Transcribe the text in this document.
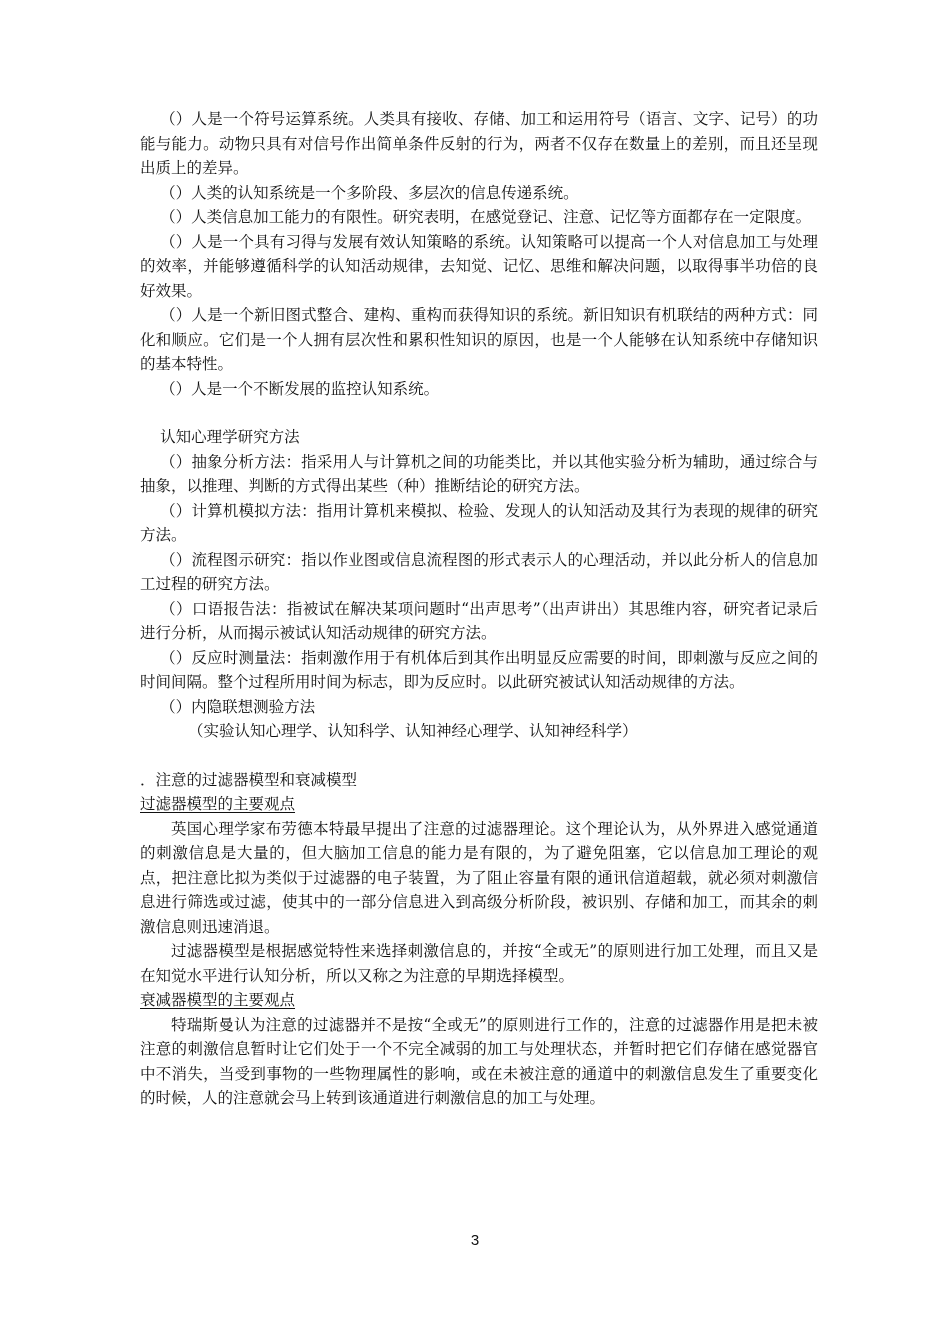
（）人是一个符号运算系统。人类具有接收、存储、加工和运用符号（语言、文字、记号）的功能与能力。动物只具有对信号作出简单条件反射的行为，两者不仅存在数量上的差别，而且还呈现出质上的差异。

（）人类的认知系统是一个多阶段、多层次的信息传递系统。

（）人类信息加工能力的有限性。研究表明，在感觉登记、注意、记忆等方面都存在一定限度。

（）人是一个具有习得与发展有效认知策略的系统。认知策略可以提高一个人对信息加工与处理的效率，并能够遵循科学的认知活动规律，去知觉、记忆、思维和解决问题，以取得事半功倍的良好效果。

（）人是一个新旧图式整合、建构、重构而获得知识的系统。新旧知识有机联结的两种方式：同化和顺应。它们是一个人拥有层次性和累积性知识的原因，也是一个人能够在认知系统中存储知识的基本特性。

（）人是一个不断发展的监控认知系统。

认知心理学研究方法

（）抽象分析方法：指采用人与计算机之间的功能类比，并以其他实验分析为辅助，通过综合与抽象，以推理、判断的方式得出某些（种）推断结论的研究方法。

（）计算机模拟方法：指用计算机来模拟、检验、发现人的认知活动及其行为表现的规律的研究方法。

（）流程图示研究：指以作业图或信息流程图的形式表示人的心理活动，并以此分析人的信息加工过程的研究方法。

（）口语报告法：指被试在解决某项问题时“出声思考”（出声讲出）其思维内容，研究者记录后进行分析，从而揭示被试认知活动规律的研究方法。

（）反应时测量法：指刺激作用于有机体后到其作出明显反应需要的时间，即刺激与反应之间的时间间隔。整个过程所用时间为标志，即为反应时。以此研究被试认知活动规律的方法。

（）内隐联想测验方法

（实验认知心理学、认知科学、认知神经心理学、认知神经科学）

．注意的过滤器模型和衰减模型

过滤器模型的主要观点

英国心理学家布劳德本特最早提出了注意的过滤器理论。这个理论认为，从外界进入感觉通道的刺激信息是大量的，但大脑加工信息的能力是有限的，为了避免阻塞，它以信息加工理论的观点，把注意比拟为类似于过滤器的电子装置，为了阻止容量有限的通讯信道超载，就必须对刺激信息进行筛选或过滤，使其中的一部分信息进入到高级分析阶段，被识别、存储和加工，而其余的刺激信息则迅速消退。

过滤器模型是根据感觉特性来选择刺激信息的，并按“全或无”的原则进行加工处理，而且又是在知觉水平进行认知分析，所以又称之为注意的早期选择模型。

衰减器模型的主要观点

特瑞斯曼认为注意的过滤器并不是按“全或无”的原则进行工作的，注意的过滤器作用是把未被注意的刺激信息暂时让它们处于一个不完全减弱的加工与处理状态，并暂时把它们存储在感觉器官中不消失，当受到事物的一些物理属性的影响，或在未被注意的通道中的刺激信息发生了重要变化的时候，人的注意就会马上转到该通道进行刺激信息的加工与处理。

3
